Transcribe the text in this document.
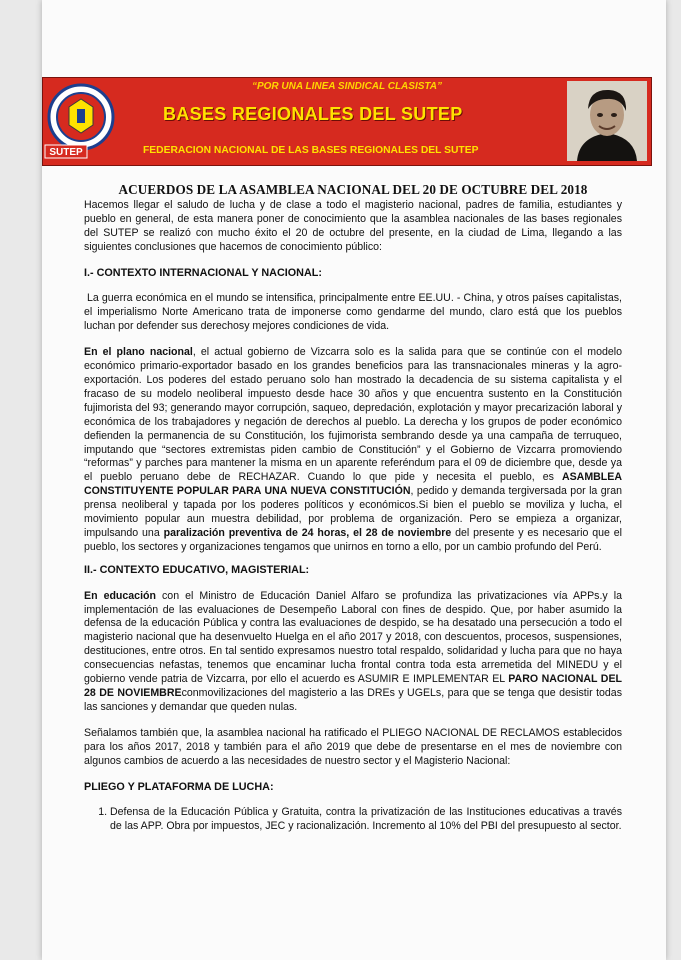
SUTEP
“POR UNA LINEA SINDICAL CLASISTA”
BASES REGIONALES DEL SUTEP
FEDERACION NACIONAL DE LAS BASES REGIONALES DEL SUTEP
ACUERDOS DE LA ASAMBLEA NACIONAL DEL 20 DE OCTUBRE DEL 2018

Hacemos llegar el saludo de lucha y de clase a todo el magisterio nacional, padres de familia, estudiantes y pueblo en general, de esta manera poner de conocimiento que la asamblea nacionales de las bases regionales del SUTEP se realizó con mucho éxito el 20 de octubre del presente, en la ciudad de Lima, llegando a las siguientes conclusiones que hacemos de conocimiento público:

I.- CONTEXTO INTERNACIONAL Y NACIONAL:

La guerra económica en el mundo se intensifica, principalmente entre EE.UU. - China, y otros países capitalistas, el imperialismo Norte Americano trata de imponerse como gendarme del mundo, claro está que los pueblos luchan por defender sus derechosy mejores condiciones de vida.

En el plano nacional, el actual gobierno de Vizcarra solo es la salida para que se continúe con el modelo económico primario-exportador basado en los grandes beneficios para las transnacionales mineras y la agro-exportación. Los poderes del estado peruano solo han mostrado la decadencia de su sistema capitalista y el fracaso de su modelo neoliberal impuesto desde hace 30 años y que encuentra sustento en la Constitución fujimorista del 93; generando mayor corrupción, saqueo, depredación, explotación y mayor precarización laboral y económica de los trabajadores y negación de derechos al pueblo. La derecha y los grupos de poder económico defienden la permanencia de su Constitución, los fujimorista sembrando desde ya una campaña de terruqueo, imputando que “sectores extremistas piden cambio de Constitución” y el Gobierno de Vizcarra promoviendo “reformas” y parches para mantener la misma en un aparente referéndum para el 09 de diciembre que, desde ya el pueblo peruano debe de RECHAZAR. Cuando lo que pide y necesita el pueblo, es ASAMBLEA CONSTITUYENTE POPULAR PARA UNA NUEVA CONSTITUCIÓN, pedido y demanda tergiversada por la gran prensa neoliberal y tapada por los poderes políticos y económicos.Si bien el pueblo se moviliza y lucha, el movimiento popular aun muestra debilidad, por problema de organización. Pero se empieza a organizar, impulsando una paralización preventiva de 24 horas, el 28 de noviembre del presente y es necesario que el pueblo, los sectores y organizaciones tengamos que unirnos en torno a ello, por un cambio profundo del Perú.

II.- CONTEXTO EDUCATIVO, MAGISTERIAL:

En educación con el Ministro de Educación Daniel Alfaro se profundiza las privatizaciones vía APPs.y la implementación de las evaluaciones de Desempeño Laboral con fines de despido. Que, por haber asumido la defensa de la educación Pública y contra las evaluaciones de despido, se ha desatado una persecución a todo el magisterio nacional que ha desenvuelto Huelga en el año 2017 y 2018, con descuentos, procesos, suspensiones, destituciones, entre otros. En tal sentido expresamos nuestro total respaldo, solidaridad y lucha para que no haya consecuencias nefastas, tenemos que encaminar lucha frontal contra toda esta arremetida del MINEDU y el gobierno vende patria de Vizcarra, por ello el acuerdo es ASUMIR E IMPLEMENTAR EL PARO NACIONAL DEL 28 DE NOVIEMBREconmovilizaciones del magisterio a las DREs y UGELs, para que se tenga que desistir todas las sanciones y demandar que queden nulas.

Señalamos también que, la asamblea nacional ha ratificado el PLIEGO NACIONAL DE RECLAMOS establecidos para los años 2017, 2018 y también para el año 2019 que debe de presentarse en el mes de noviembre con algunos cambios de acuerdo a las necesidades de nuestro sector y el Magisterio Nacional:

PLIEGO Y PLATAFORMA DE LUCHA:
1. Defensa de la Educación Pública y Gratuita, contra la privatización de las Instituciones educativas a través de las APP. Obra por impuestos, JEC y racionalización. Incremento al 10% del PBI del presupuesto al sector.
